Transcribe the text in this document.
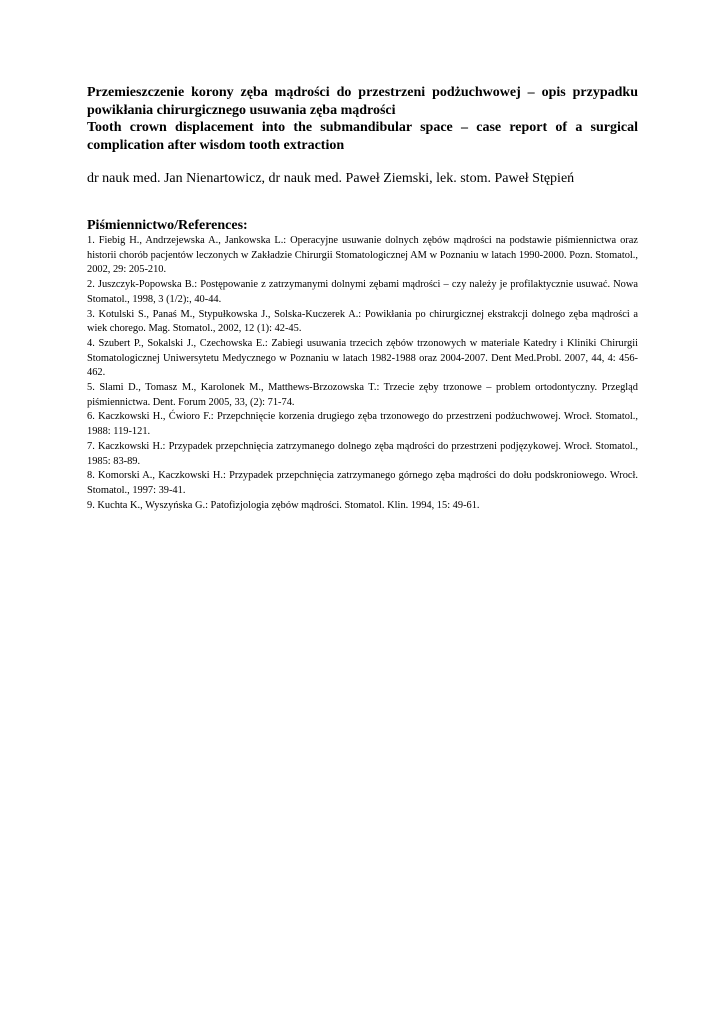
Przemieszczenie korony zęba mądrości do przestrzeni podżuchwowej – opis przypadku powikłania chirurgicznego usuwania zęba mądrości
Tooth crown displacement into the submandibular space – case report of a surgical complication after wisdom tooth extraction
dr nauk med. Jan Nienartowicz, dr nauk med. Paweł Ziemski, lek. stom. Paweł Stępień
Piśmiennictwo/References:
1. Fiebig H., Andrzejewska A., Jankowska L.: Operacyjne usuwanie dolnych zębów mądrości na podstawie piśmiennictwa oraz historii chorób pacjentów leczonych w Zakładzie Chirurgii Stomatologicznej AM w Poznaniu w latach 1990-2000. Pozn. Stomatol., 2002, 29: 205-210.
2. Juszczyk-Popowska B.: Postępowanie z zatrzymanymi dolnymi zębami mądrości – czy należy je profilaktycznie usuwać. Nowa Stomatol., 1998, 3 (1/2):, 40-44.
3. Kotulski S., Panaś M., Stypułkowska J., Solska-Kuczerek A.: Powikłania po chirurgicznej ekstrakcji dolnego zęba mądrości a wiek chorego. Mag. Stomatol., 2002, 12 (1): 42-45.
4. Szubert P., Sokalski J., Czechowska E.: Zabiegi usuwania trzecich zębów trzonowych w materiale Katedry i Kliniki Chirurgii Stomatologicznej Uniwersytetu Medycznego w Poznaniu w latach 1982-1988 oraz 2004-2007. Dent Med.Probl. 2007, 44, 4: 456-462.
5. Slami D., Tomasz M., Karolonek M., Matthews-Brzozowska T.: Trzecie zęby trzonowe – problem ortodontyczny. Przegląd piśmiennictwa. Dent. Forum 2005, 33, (2): 71-74.
6. Kaczkowski H., Ćwioro F.: Przepchnięcie korzenia drugiego zęba trzonowego do przestrzeni podżuchwowej. Wrocł. Stomatol., 1988: 119-121.
7. Kaczkowski H.: Przypadek przepchnięcia zatrzymanego dolnego zęba mądrości do przestrzeni podjęzykowej. Wrocł. Stomatol., 1985: 83-89.
8. Komorski A., Kaczkowski H.: Przypadek przepchnięcia zatrzymanego górnego zęba mądrości do dołu podskroniowego. Wrocł. Stomatol., 1997: 39-41.
9. Kuchta K., Wyszyńska G.: Patofizjologia zębów mądrości. Stomatol. Klin. 1994, 15: 49-61.
